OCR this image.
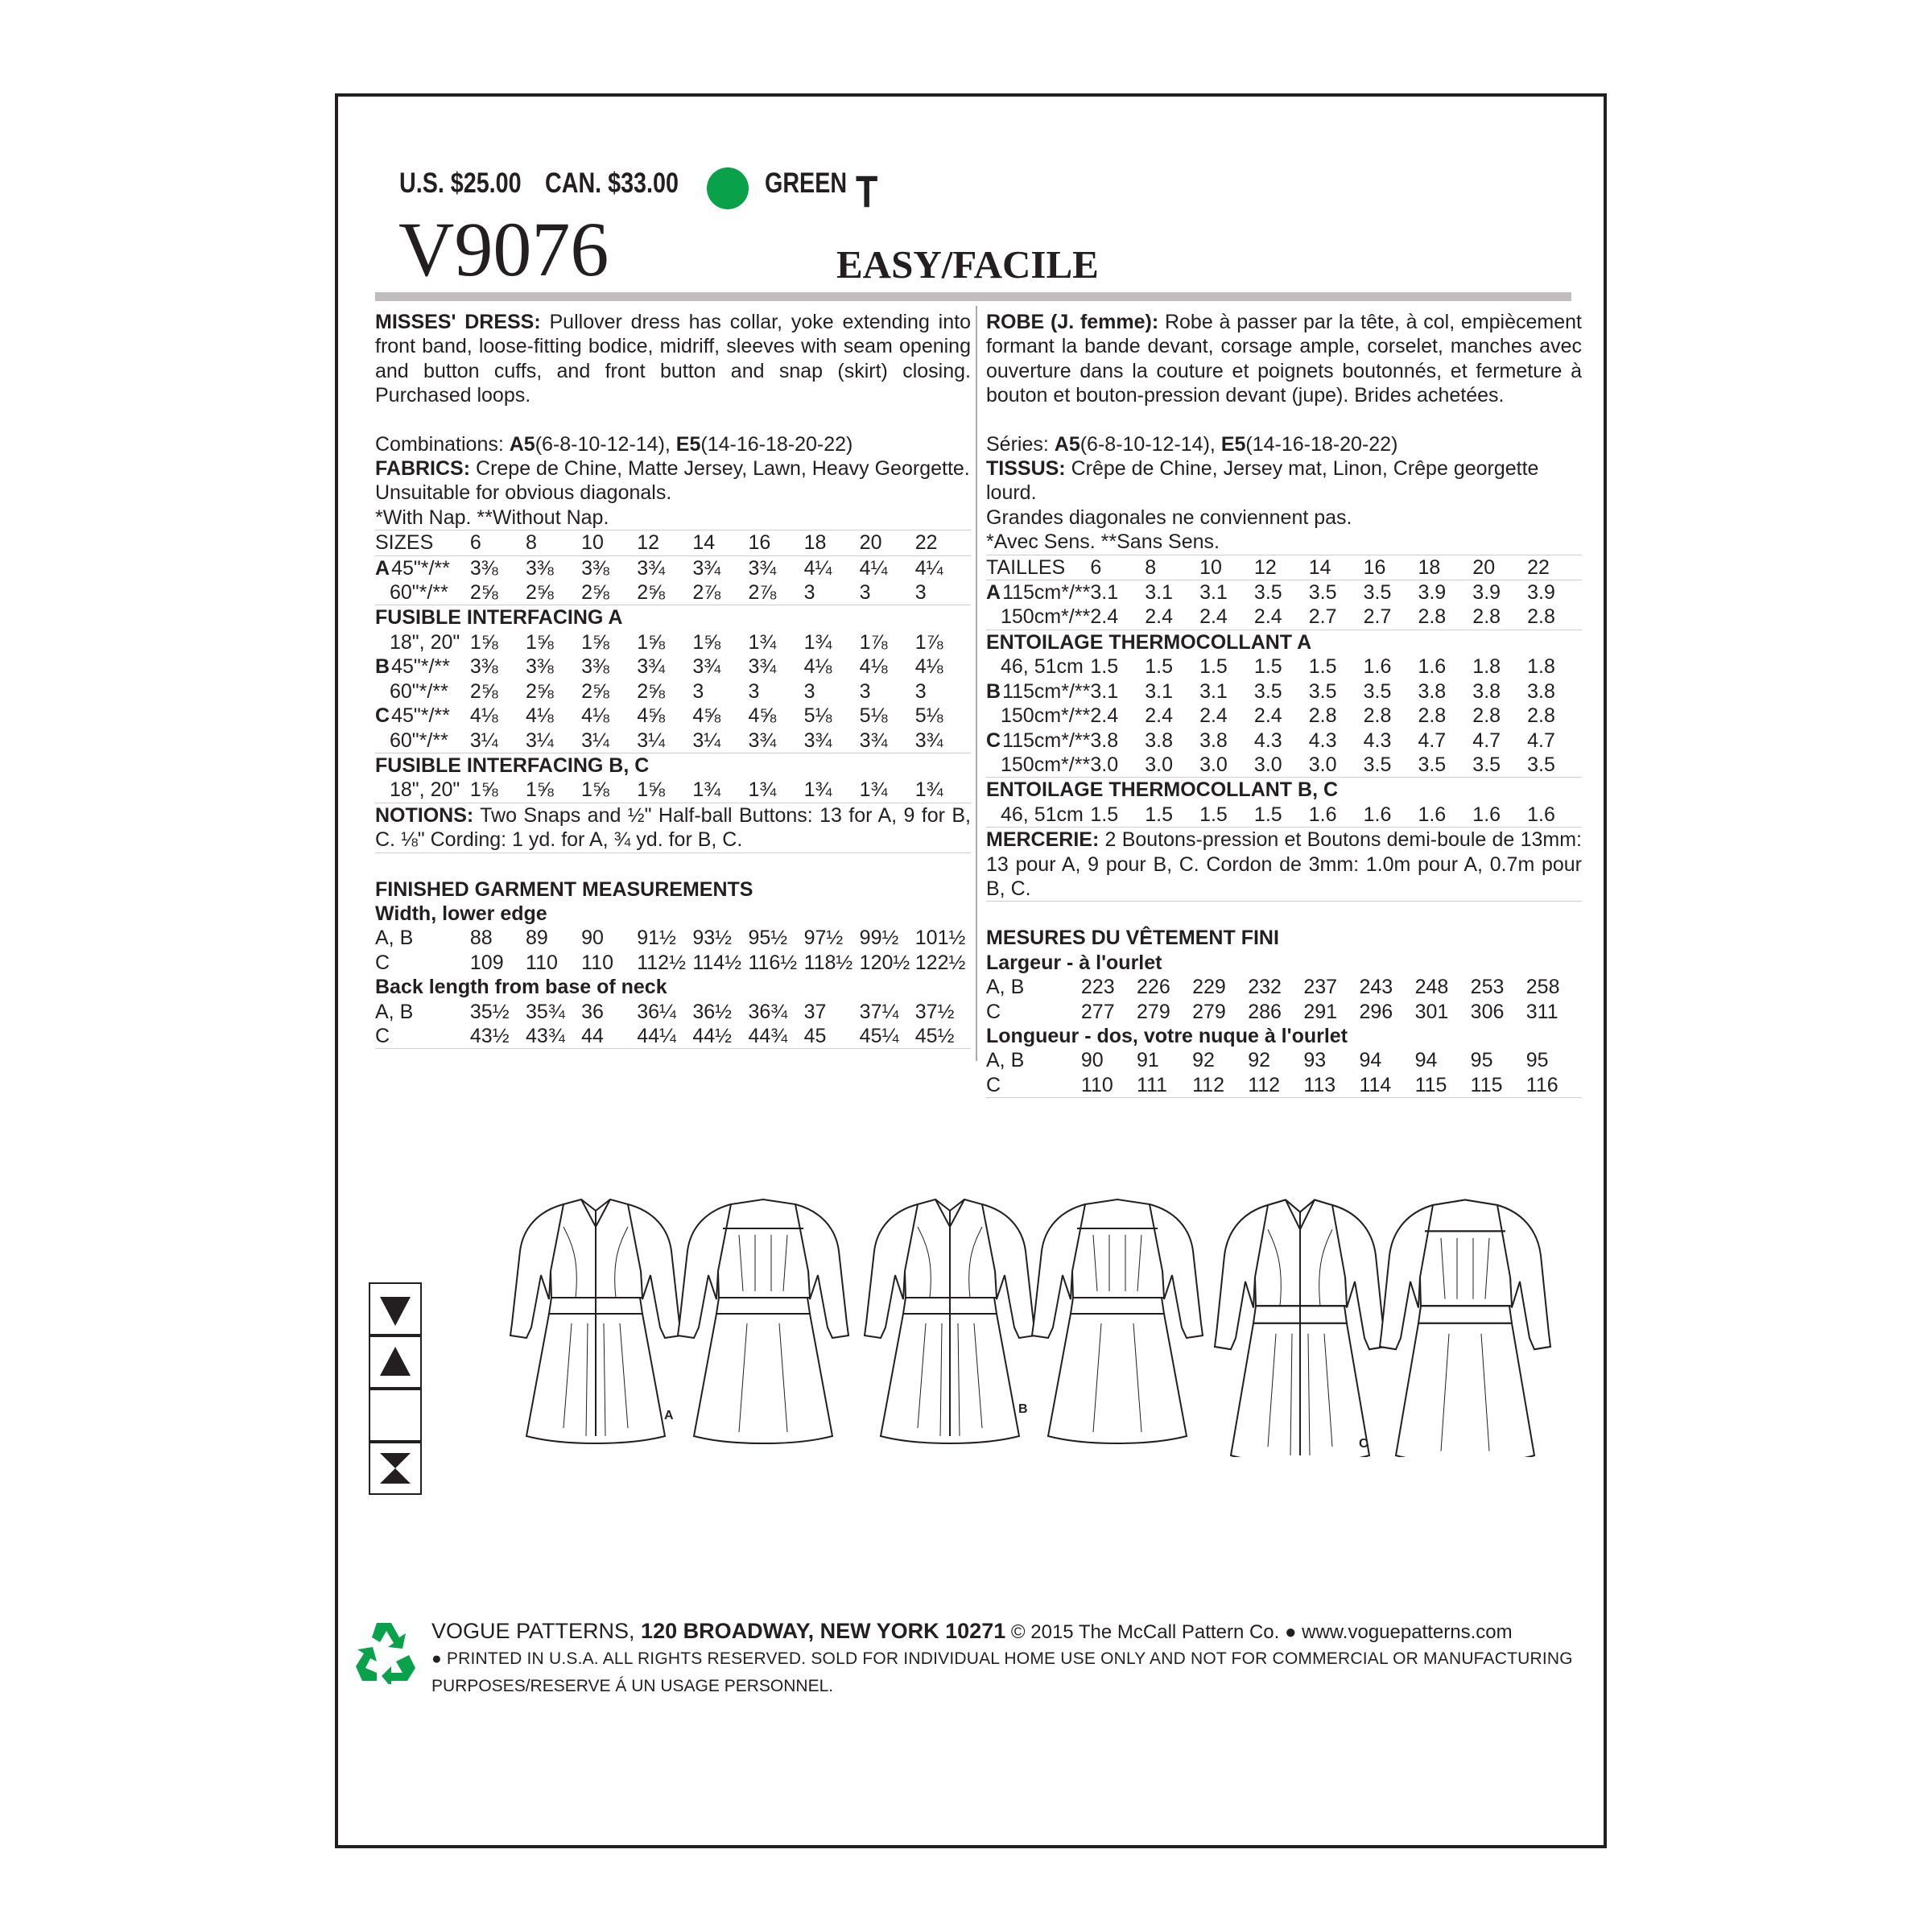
U.S. $25.00 CAN. $33.00	GREEN T
V9076	EASY/FACILE

MISSES' DRESS: Pullover dress has collar, yoke extending into front band, loose-fitting bodice, midriff, sleeves with seam opening and button cuffs, and front button and snap (skirt) closing. Purchased loops.

Combinations: A5(6-8-10-12-14), E5(14-16-18-20-22)

FABRICS: Crepe de Chine, Matte Jersey, Lawn, Heavy Georgette. Unsuitable for obvious diagonals.

*With Nap. **Without Nap.

SIZES	6	8	10	12	14	16	18	20	22
A45"*/**	3⅜	3⅜	3⅜	3¾	3¾	3¾	4¼	4¼	4¼
60"*/**	2⅝	2⅝	2⅝	2⅝	2⅞	2⅞	3	3	3
FUSIBLE INTERFACING A									
18", 20"	1⅝	1⅝	1⅝	1⅝	1⅝	1¾	1¾	1⅞	1⅞
B45"*/**	3⅜	3⅜	3⅜	3¾	3¾	3¾	4⅛	4⅛	4⅛
60"*/**	2⅝	2⅝	2⅝	2⅝	3	3	3	3	3
C45"*/**	4⅛	4⅛	4⅛	4⅝	4⅝	4⅝	5⅛	5⅛	5⅛
60"*/**	3¼	3¼	3¼	3¼	3¼	3¾	3¾	3¾	3¾
FUSIBLE INTERFACING B, C									
18", 20"	1⅝	1⅝	1⅝	1⅝	1¾	1¾	1¾	1¾	1¾

NOTIONS: Two Snaps and ½" Half-ball Buttons: 13 for A, 9 for B, C. ⅛" Cording: 1 yd. for A, ¾ yd. for B, C.

FINISHED GARMENT MEASUREMENTS									
Width, lower edge									
A, B	88	89	90	91½	93½	95½	97½	99½	101½
C	109	110	110	112½	114½	116½	118½	120½	122½
Back length from base of neck									
A, B	35½	35¾	36	36¼	36½	36¾	37	37¼	37½
C	43½	43¾	44	44¼	44½	44¾	45	45¼	45½

ROBE (J. femme): Robe à passer par la tête, à col, empiècement formant la bande devant, corsage ample, corselet, manches avec ouverture dans la couture et poignets boutonnés, et fermeture à bouton et bouton-pression devant (jupe). Brides achetées.

Séries: A5(6-8-10-12-14), E5(14-16-18-20-22)

TISSUS: Crêpe de Chine, Jersey mat, Linon, Crêpe georgette lourd.

Grandes diagonales ne conviennent pas.

*Avec Sens. **Sans Sens.

TAILLES	6	8	10	12	14	16	18	20	22
A115cm*/**	3.1	3.1	3.1	3.5	3.5	3.5	3.9	3.9	3.9
150cm*/**	2.4	2.4	2.4	2.4	2.7	2.7	2.8	2.8	2.8
ENTOILAGE THERMOCOLLANT A									
46, 51cm	1.5	1.5	1.5	1.5	1.5	1.6	1.6	1.8	1.8
B115cm*/**	3.1	3.1	3.1	3.5	3.5	3.5	3.8	3.8	3.8
150cm*/**	2.4	2.4	2.4	2.4	2.8	2.8	2.8	2.8	2.8
C115cm*/**	3.8	3.8	3.8	4.3	4.3	4.3	4.7	4.7	4.7
150cm*/**	3.0	3.0	3.0	3.0	3.0	3.5	3.5	3.5	3.5
ENTOILAGE THERMOCOLLANT B, C									
46, 51cm	1.5	1.5	1.5	1.5	1.6	1.6	1.6	1.6	1.6

MERCERIE: 2 Boutons-pression et Boutons demi-boule de 13mm: 13 pour A, 9 pour B, C. Cordon de 3mm: 1.0m pour A, 0.7m pour B, C.

MESURES DU VÊTEMENT FINI									
Largeur - à l'ourlet									
A, B	223	226	229	232	237	243	248	253	258
C	277	279	279	286	291	296	301	306	311
Longueur - dos, votre nuque à l'ourlet									
A, B	90	91	92	92	93	94	94	95	95
C	110	111	112	112	113	114	115	115	116
A	B
C
VOGUE PATTERNS, 120 BROADWAY, NEW YORK 10271 © 2015 The McCall Pattern Co. ● www.voguepatterns.com
● PRINTED IN U.S.A. ALL RIGHTS RESERVED. SOLD FOR INDIVIDUAL HOME USE ONLY AND NOT FOR COMMERCIAL OR MANUFACTURING
PURPOSES/RESERVE Á UN USAGE PERSONNEL.
